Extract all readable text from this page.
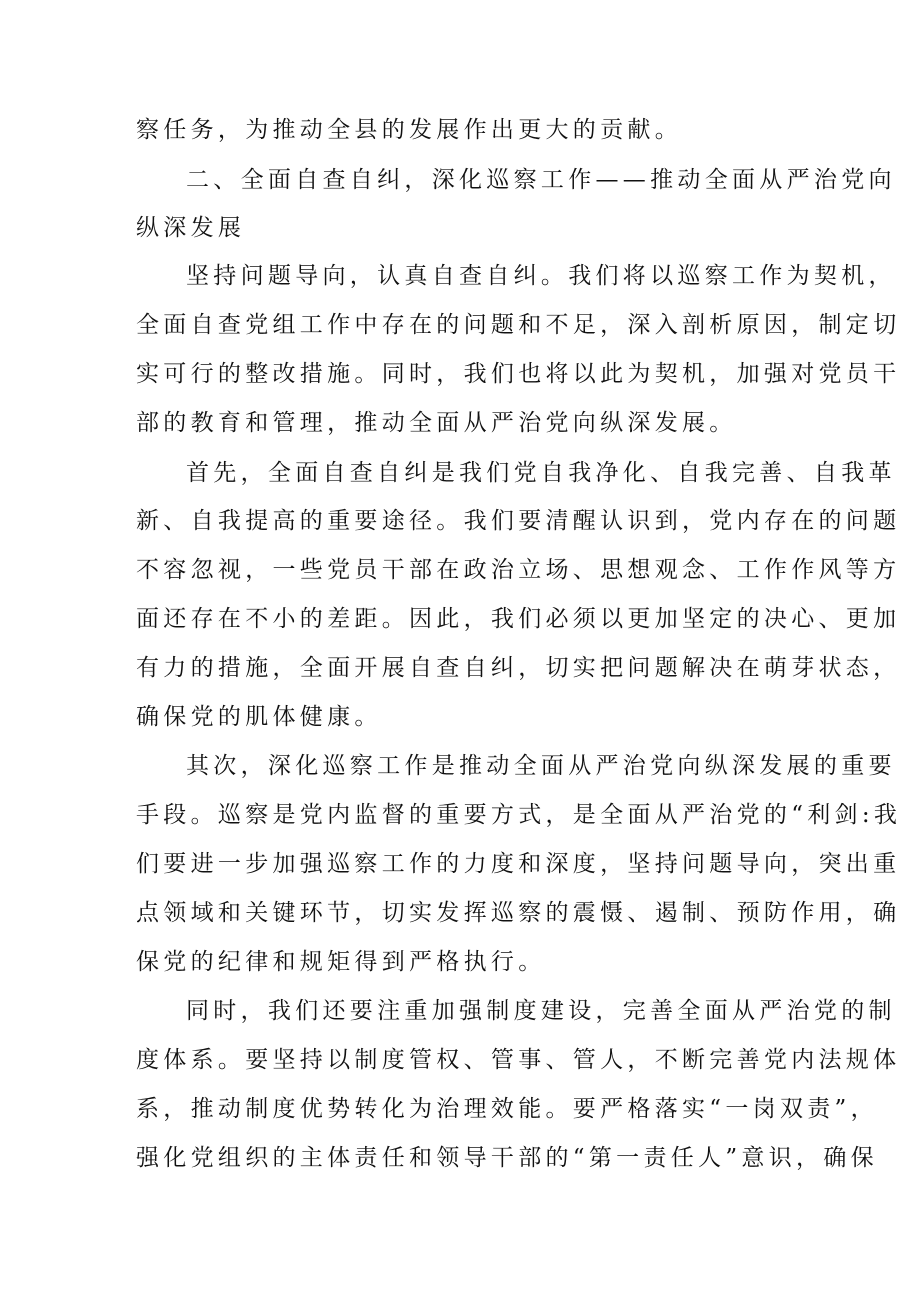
察任务，为推动全县的发展作出更大的贡献。
二、全面自查自纠，深化巡察工作——推动全面从严治党向
纵深发展
坚持问题导向，认真自查自纠。我们将以巡察工作为契机，
全面自查党组工作中存在的问题和不足，深入剖析原因，制定切
实可行的整改措施。同时，我们也将以此为契机，加强对党员干
部的教育和管理，推动全面从严治党向纵深发展。
首先，全面自查自纠是我们党自我净化、自我完善、自我革
新、自我提高的重要途径。我们要清醒认识到，党内存在的问题
不容忽视，一些党员干部在政治立场、思想观念、工作作风等方
面还存在不小的差距。因此，我们必须以更加坚定的决心、更加
有力的措施，全面开展自查自纠，切实把问题解决在萌芽状态，
确保党的肌体健康。
其次，深化巡察工作是推动全面从严治党向纵深发展的重要
手段。巡察是党内监督的重要方式，是全面从严治党的“利剑:我
们要进一步加强巡察工作的力度和深度，坚持问题导向，突出重
点领域和关键环节，切实发挥巡察的震慑、遏制、预防作用，确
保党的纪律和规矩得到严格执行。
同时，我们还要注重加强制度建设，完善全面从严治党的制
度体系。要坚持以制度管权、管事、管人，不断完善党内法规体
系，推动制度优势转化为治理效能。要严格落实“一岗双责”，
强化党组织的主体责任和领导干部的“第一责任人”意识，确保
